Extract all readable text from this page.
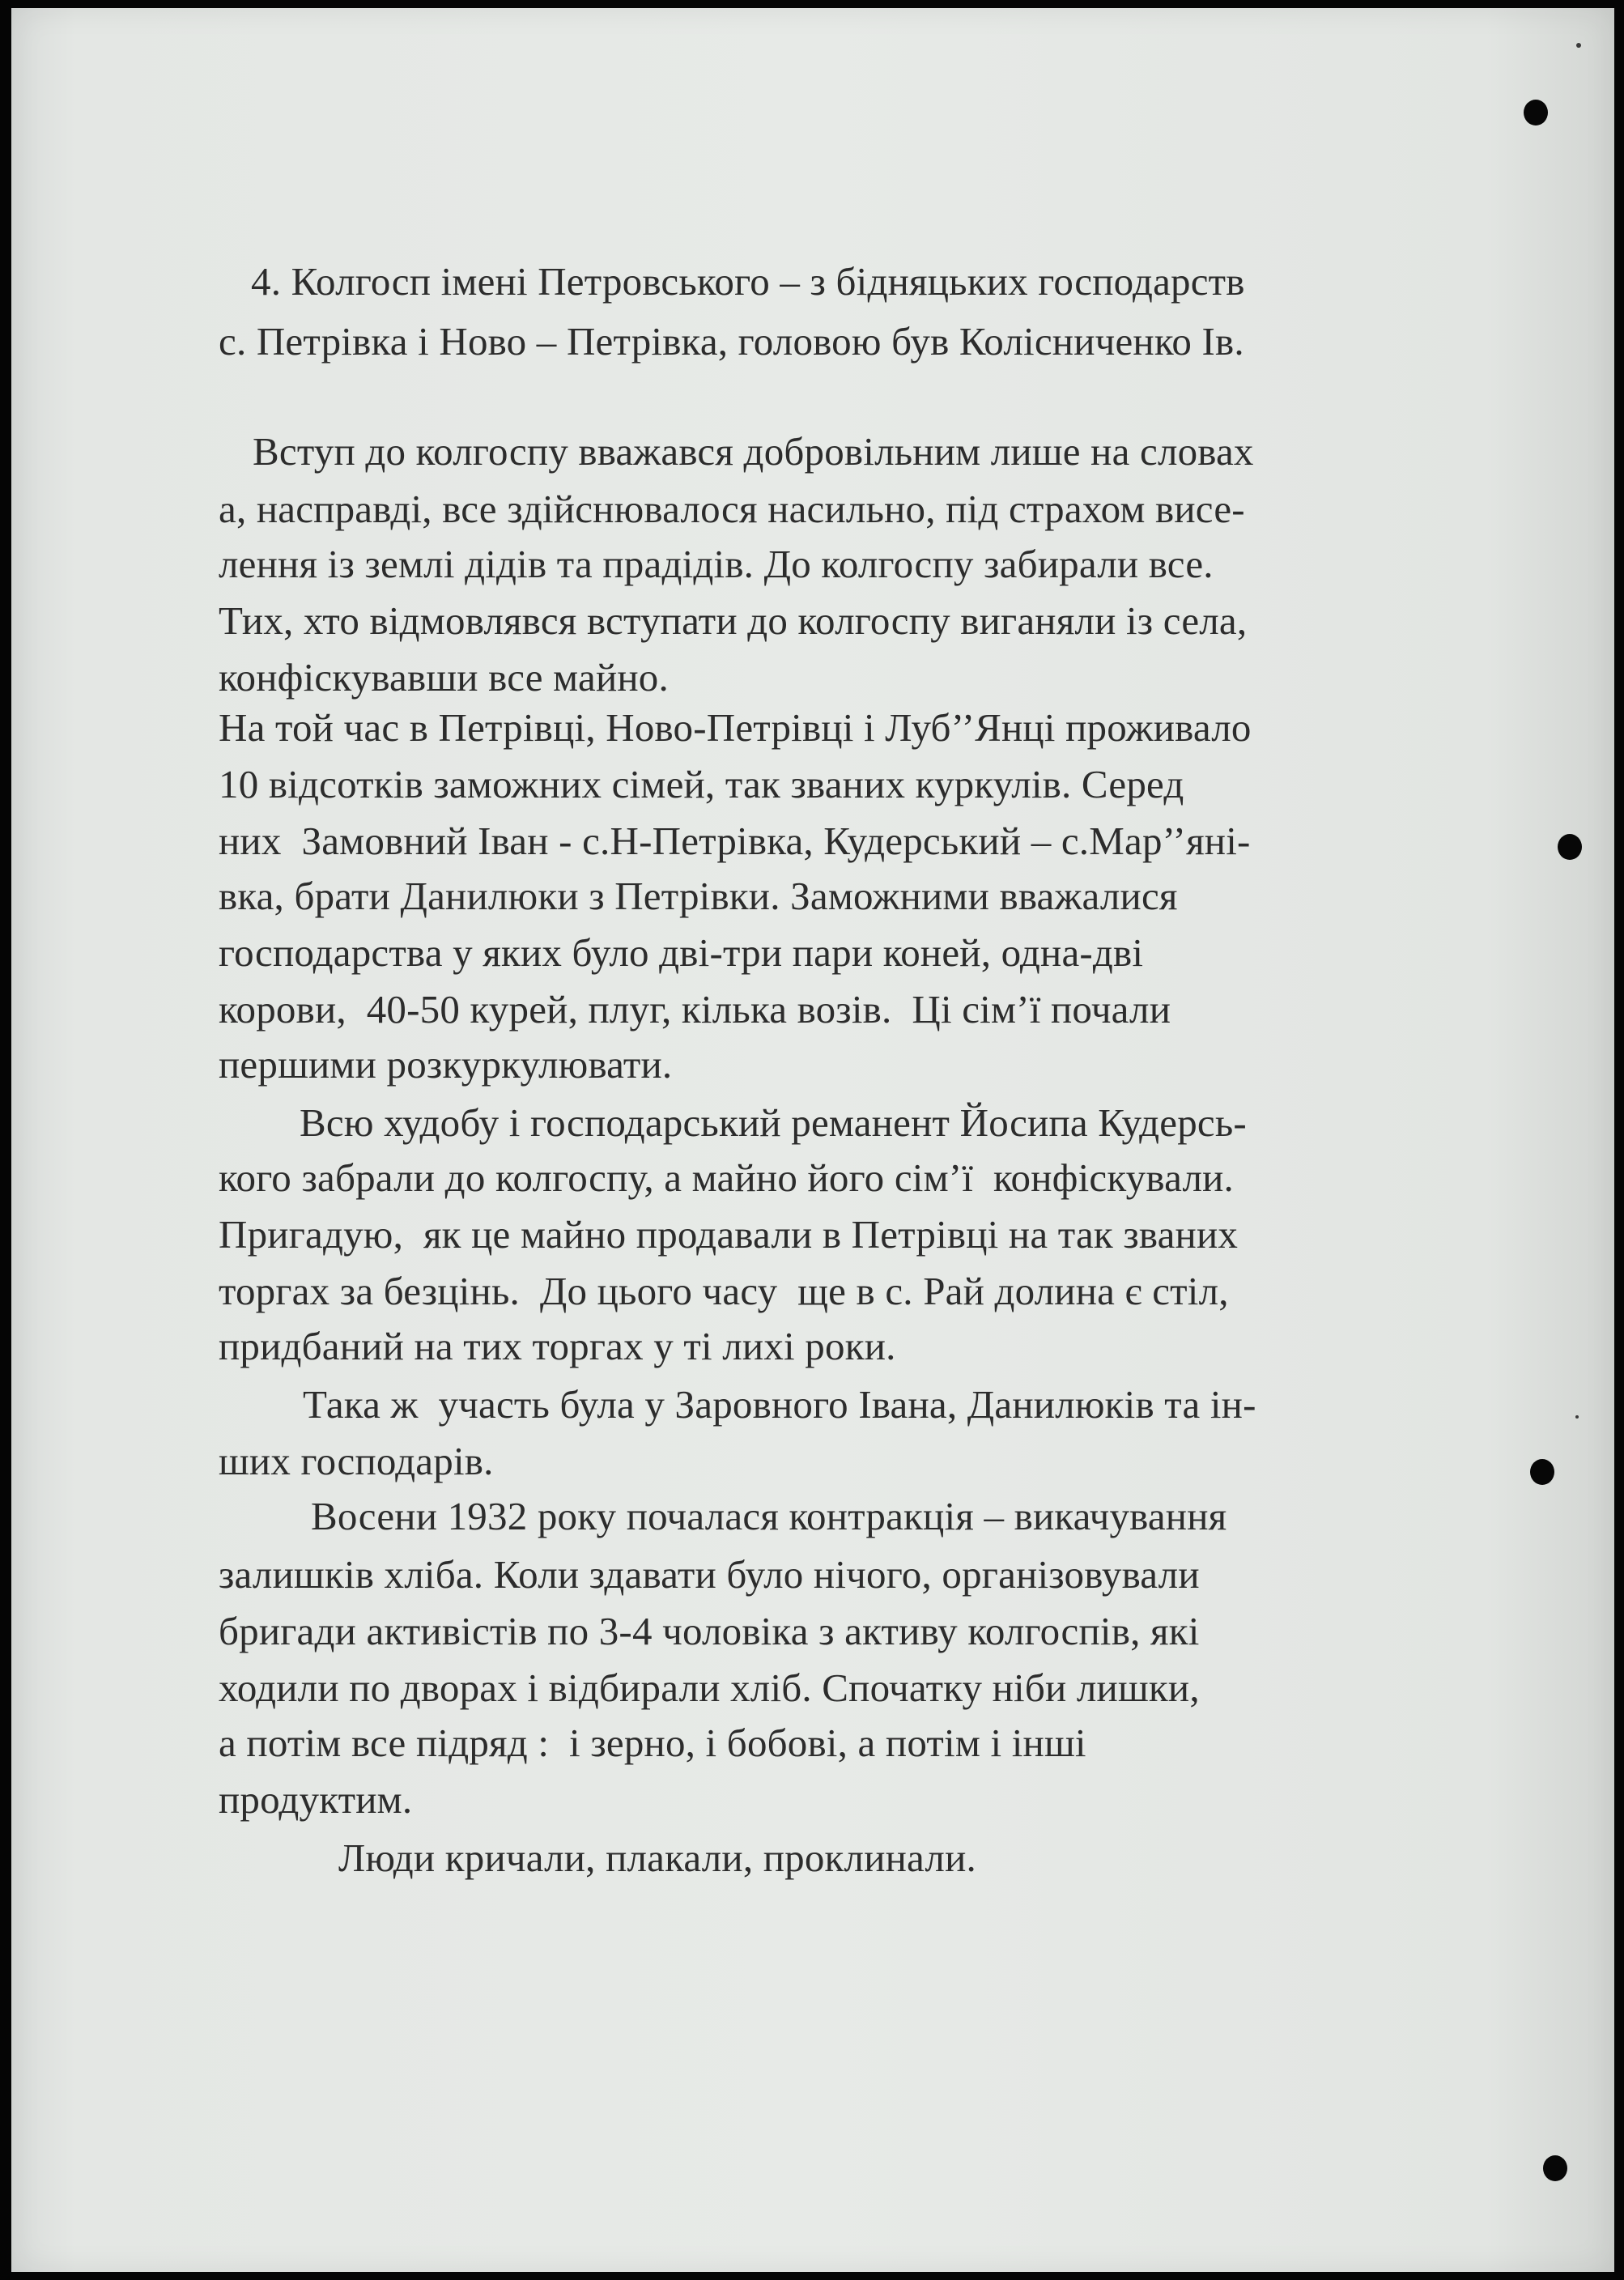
4. Колгосп імені Петровського – з бідняцьких господарств
с. Петрівка і Ново – Петрівка, головою був Колісниченко Ів.
Вступ до колгоспу вважався добровільним лише на словах
а, насправді, все здійснювалося насильно, під страхом висе-
лення із землі дідів та прадідів. До колгоспу забирали все.
Тих, хто відмовлявся вступати до колгоспу виганяли із села,
конфіскувавши все майно.
На той час в Петрівці, Ново-Петрівці і Луб’’Янці проживало
10 відсотків заможних сімей, так званих куркулів. Серед
них  Замовний Іван - с.Н-Петрівка, Кудерський – с.Мар’’яні-
вка, брати Данилюки з Петрівки. Заможними вважалися
господарства у яких було дві-три пари коней, одна-дві
корови,  40-50 курей, плуг, кілька возів.  Ці сім’ї почали
першими розкуркулювати.
Всю худобу і господарський реманент Йосипа Кудерсь-
кого забрали до колгоспу, а майно його сім’ї  конфіскували.
Пригадую,  як це майно продавали в Петрівці на так званих
торгах за безцінь.  До цього часу  ще в с. Рай долина є стіл,
придбаний на тих торгах у ті лихі роки.
Така ж  участь була у Заровного Івана, Данилюків та ін-
ших господарів.
Восени 1932 року почалася контракція – викачування
залишків хліба. Коли здавати було нічого, організовували
бригади активістів по 3-4 чоловіка з активу колгоспів, які
ходили по дворах і відбирали хліб. Спочатку ніби лишки,
а потім все підряд :  і зерно, і бобові, а потім і інші
продуктим.
Люди кричали, плакали, проклинали.
